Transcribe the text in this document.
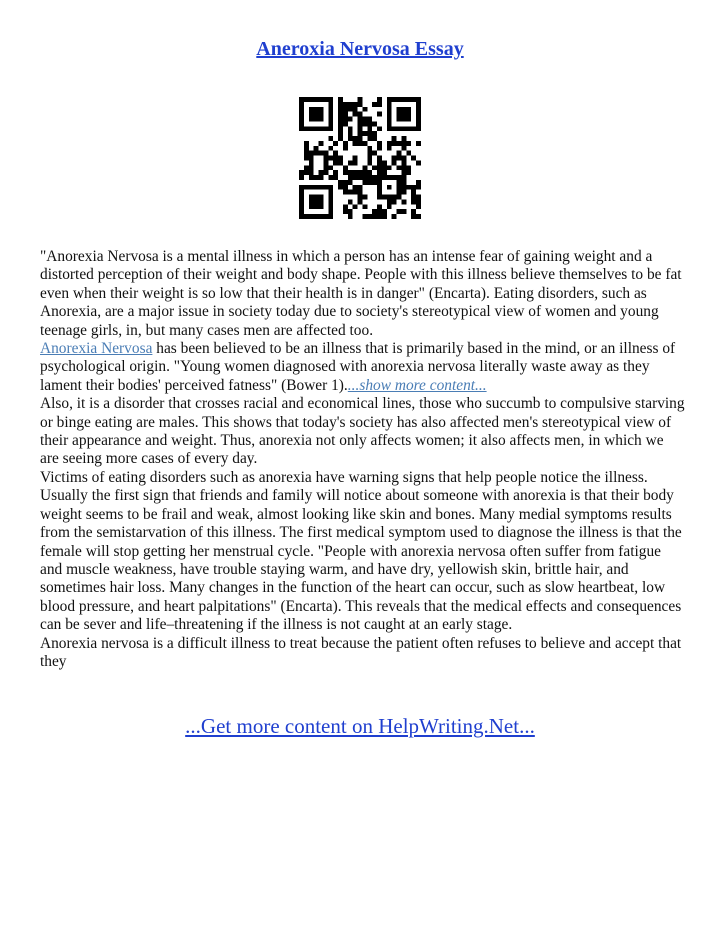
Aneroxia Nervosa Essay

"Anorexia Nervosa is a mental illness in which a person has an intense fear of gaining weight and a distorted perception of their weight and body shape. People with this illness believe themselves to be fat even when their weight is so low that their health is in danger" (Encarta). Eating disorders, such as Anorexia, are a major issue in society today due to society's stereotypical view of women and young teenage girls, in, but many cases men are affected too.

Anorexia Nervosa has been believed to be an illness that is primarily based in the mind, or an illness of psychological origin. "Young women diagnosed with anorexia nervosa literally waste away as they lament their bodies' perceived fatness" (Bower 1)....show more content...

Also, it is a disorder that crosses racial and economical lines, those who succumb to compulsive starving or binge eating are males. This shows that today's society has also affected men's stereotypical view of their appearance and weight. Thus, anorexia not only affects women; it also affects men, in which we are seeing more cases of every day.

Victims of eating disorders such as anorexia have warning signs that help people notice the illness. Usually the first sign that friends and family will notice about someone with anorexia is that their body weight seems to be frail and weak, almost looking like skin and bones. Many medial symptoms results from the semistarvation of this illness. The first medical symptom used to diagnose the illness is that the female will stop getting her menstrual cycle. "People with anorexia nervosa often suffer from fatigue and muscle weakness, have trouble staying warm, and have dry, yellowish skin, brittle hair, and sometimes hair loss. Many changes in the function of the heart can occur, such as slow heartbeat, low blood pressure, and heart palpitations" (Encarta). This reveals that the medical effects and consequences can be sever and life–threatening if the illness is not caught at an early stage.

Anorexia nervosa is a difficult illness to treat because the patient often refuses to believe and accept that they

...Get more content on HelpWriting.Net...
